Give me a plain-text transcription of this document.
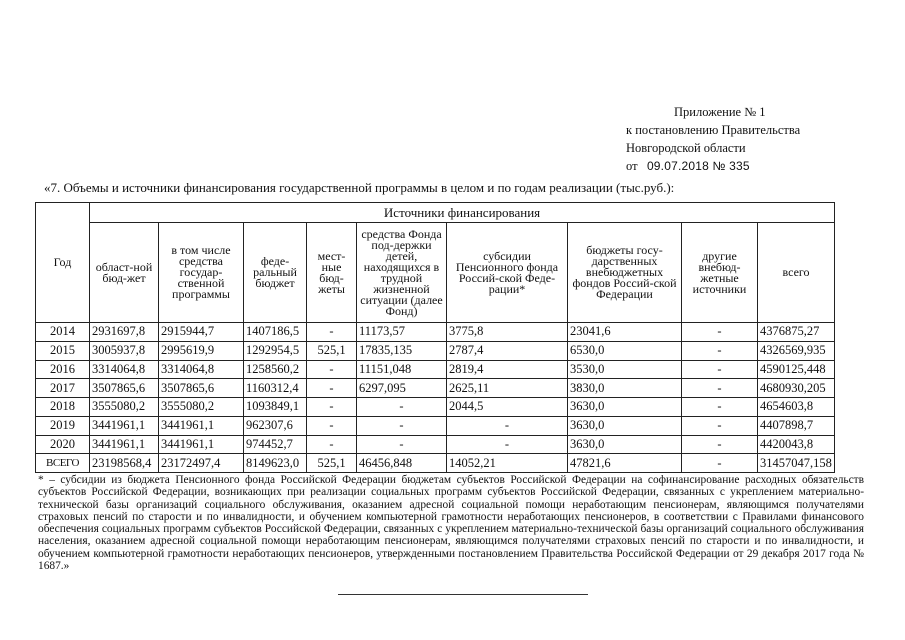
Приложение № 1
к постановлению Правительства
Новгородской области
от 09.07.2018 № 335
«7. Объемы и источники финансирования государственной программы в целом и по годам реализации (тыс.руб.):
Год	Источники финансирования								
	област-ной бюд-жет	в том числе средства государ-ственной программы	феде-ральный бюджет	мест-ные бюд-жеты	средства Фонда под-держки детей, находящихся в трудной жизненной ситуации (далее Фонд)	субсидии Пенсионного фонда Россий-ской Феде-рации*	бюджеты госу-дарственных внебюджетных фондов Россий-ской Федерации	другие внебюд-жетные источники	всего
2014	2931697,8	2915944,7	1407186,5	-	11173,57	3775,8	23041,6	-	4376875,27
2015	3005937,8	2995619,9	1292954,5	525,1	17835,135	2787,4	6530,0	-	4326569,935
2016	3314064,8	3314064,8	1258560,2	-	11151,048	2819,4	3530,0	-	4590125,448
2017	3507865,6	3507865,6	1160312,4	-	6297,095	2625,11	3830,0	-	4680930,205
2018	3555080,2	3555080,2	1093849,1	-	-	2044,5	3630,0	-	4654603,8
2019	3441961,1	3441961,1	962307,6	-	-	-	3630,0	-	4407898,7
2020	3441961,1	3441961,1	974452,7	-	-	-	3630,0	-	4420043,8
ВСЕГО	23198568,4	23172497,4	8149623,0	525,1	46456,848	14052,21	47821,6	-	31457047,158
* – субсидии из бюджета Пенсионного фонда Российской Федерации бюджетам субъектов Российской Федерации на софинансирование расходных обязательств субъектов Российской Федерации, возникающих при реализации социальных программ субъектов Российской Федерации, связанных с укреплением материально-технической базы организаций социального обслуживания, оказанием адресной социальной помощи неработающим пенсионерам, являющимся получателями страховых пенсий по старости и по инвалидности, и обучением компьютерной грамотности неработающих пенсионеров, в соответствии с Правилами финансового обеспечения социальных программ субъектов Российской Федерации, связанных с укреплением материально-технической базы организаций социального обслуживания населения, оказанием адресной социальной помощи неработающим пенсионерам, являющимся получателями страховых пенсий по старости и по инвалидности, и обучением компьютерной грамотности неработающих пенсионеров, утвержденными постановлением Правительства Российской Федерации от 29 декабря 2017 года № 1687.»
